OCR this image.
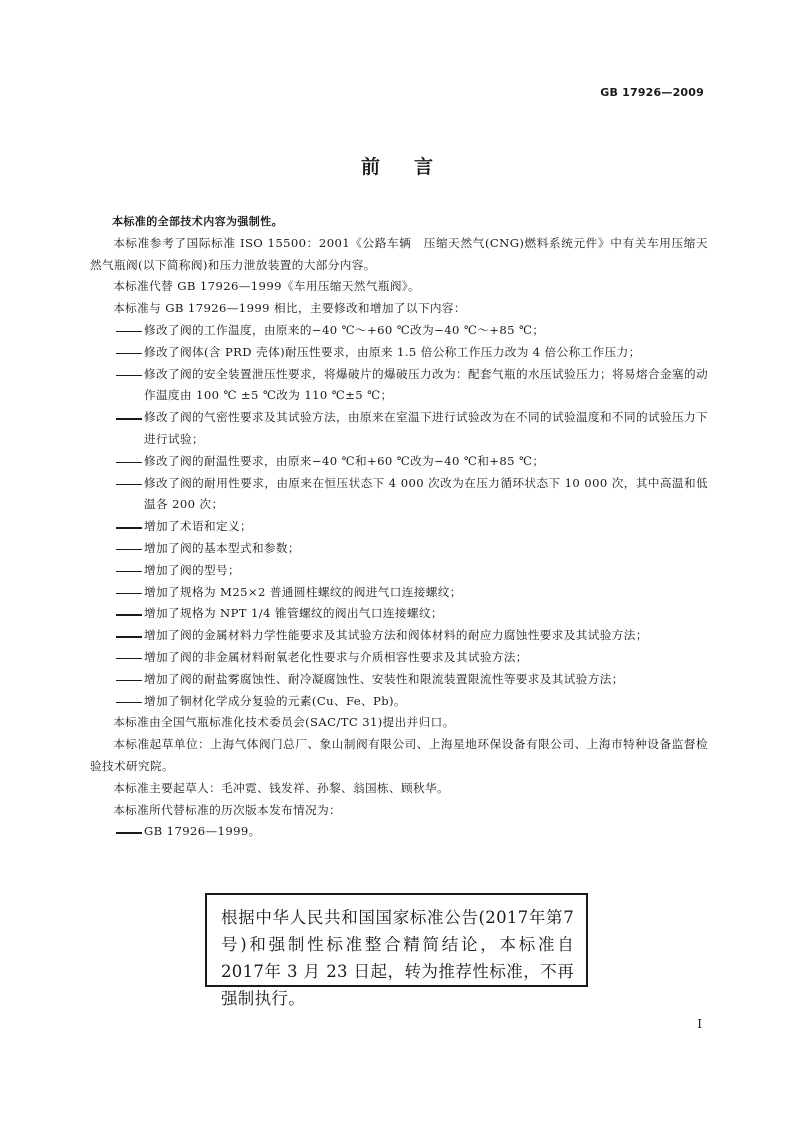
GB 17926—2009
前言

本标准的全部技术内容为强制性。

本标准参考了国际标准 ISO 15500：2001《公路车辆　压缩天然气(CNG)燃料系统元件》中有关车用压缩天然气瓶阀(以下简称阀)和压力泄放装置的大部分内容。

本标准代替 GB 17926—1999《车用压缩天然气瓶阀》。

本标准与 GB 17926—1999 相比，主要修改和增加了以下内容：

修改了阀的工作温度，由原来的−40 ℃～+60 ℃改为−40 ℃～+85 ℃；

修改了阀体(含 PRD 壳体)耐压性要求，由原来 1.5 倍公称工作压力改为 4 倍公称工作压力；

修改了阀的安全装置泄压性要求，将爆破片的爆破压力改为：配套气瓶的水压试验压力；将易熔合金塞的动作温度由 100 ℃ ±5 ℃改为 110 ℃±5 ℃；

修改了阀的气密性要求及其试验方法，由原来在室温下进行试验改为在不同的试验温度和不同的试验压力下进行试验；

修改了阀的耐温性要求，由原来−40 ℃和+60 ℃改为−40 ℃和+85 ℃；

修改了阀的耐用性要求，由原来在恒压状态下 4 000 次改为在压力循环状态下 10 000 次，其中高温和低温各 200 次；

增加了术语和定义；

增加了阀的基本型式和参数；

增加了阀的型号；

增加了规格为 M25×2 普通圆柱螺纹的阀进气口连接螺纹；

增加了规格为 NPT 1/4 锥管螺纹的阀出气口连接螺纹；

增加了阀的金属材料力学性能要求及其试验方法和阀体材料的耐应力腐蚀性要求及其试验方法；

增加了阀的非金属材料耐氧老化性要求与介质相容性要求及其试验方法；

增加了阀的耐盐雾腐蚀性、耐冷凝腐蚀性、安装性和限流装置限流性等要求及其试验方法；

增加了铜材化学成分复验的元素(Cu、Fe、Pb)。

本标准由全国气瓶标准化技术委员会(SAC/TC 31)提出并归口。

本标准起草单位：上海气体阀门总厂、象山制阀有限公司、上海星地环保设备有限公司、上海市特种设备监督检验技术研究院。

本标准主要起草人：毛冲霓、钱发祥、孙黎、翁国栋、顾秋华。

本标准所代替标准的历次版本发布情况为：

GB 17926—1999。

根据中华人民共和国国家标准公告(2017年第7号)和强制性标准整合精简结论，本标准自 2017年 3 月 23 日起，转为推荐性标准，不再强制执行。
I
